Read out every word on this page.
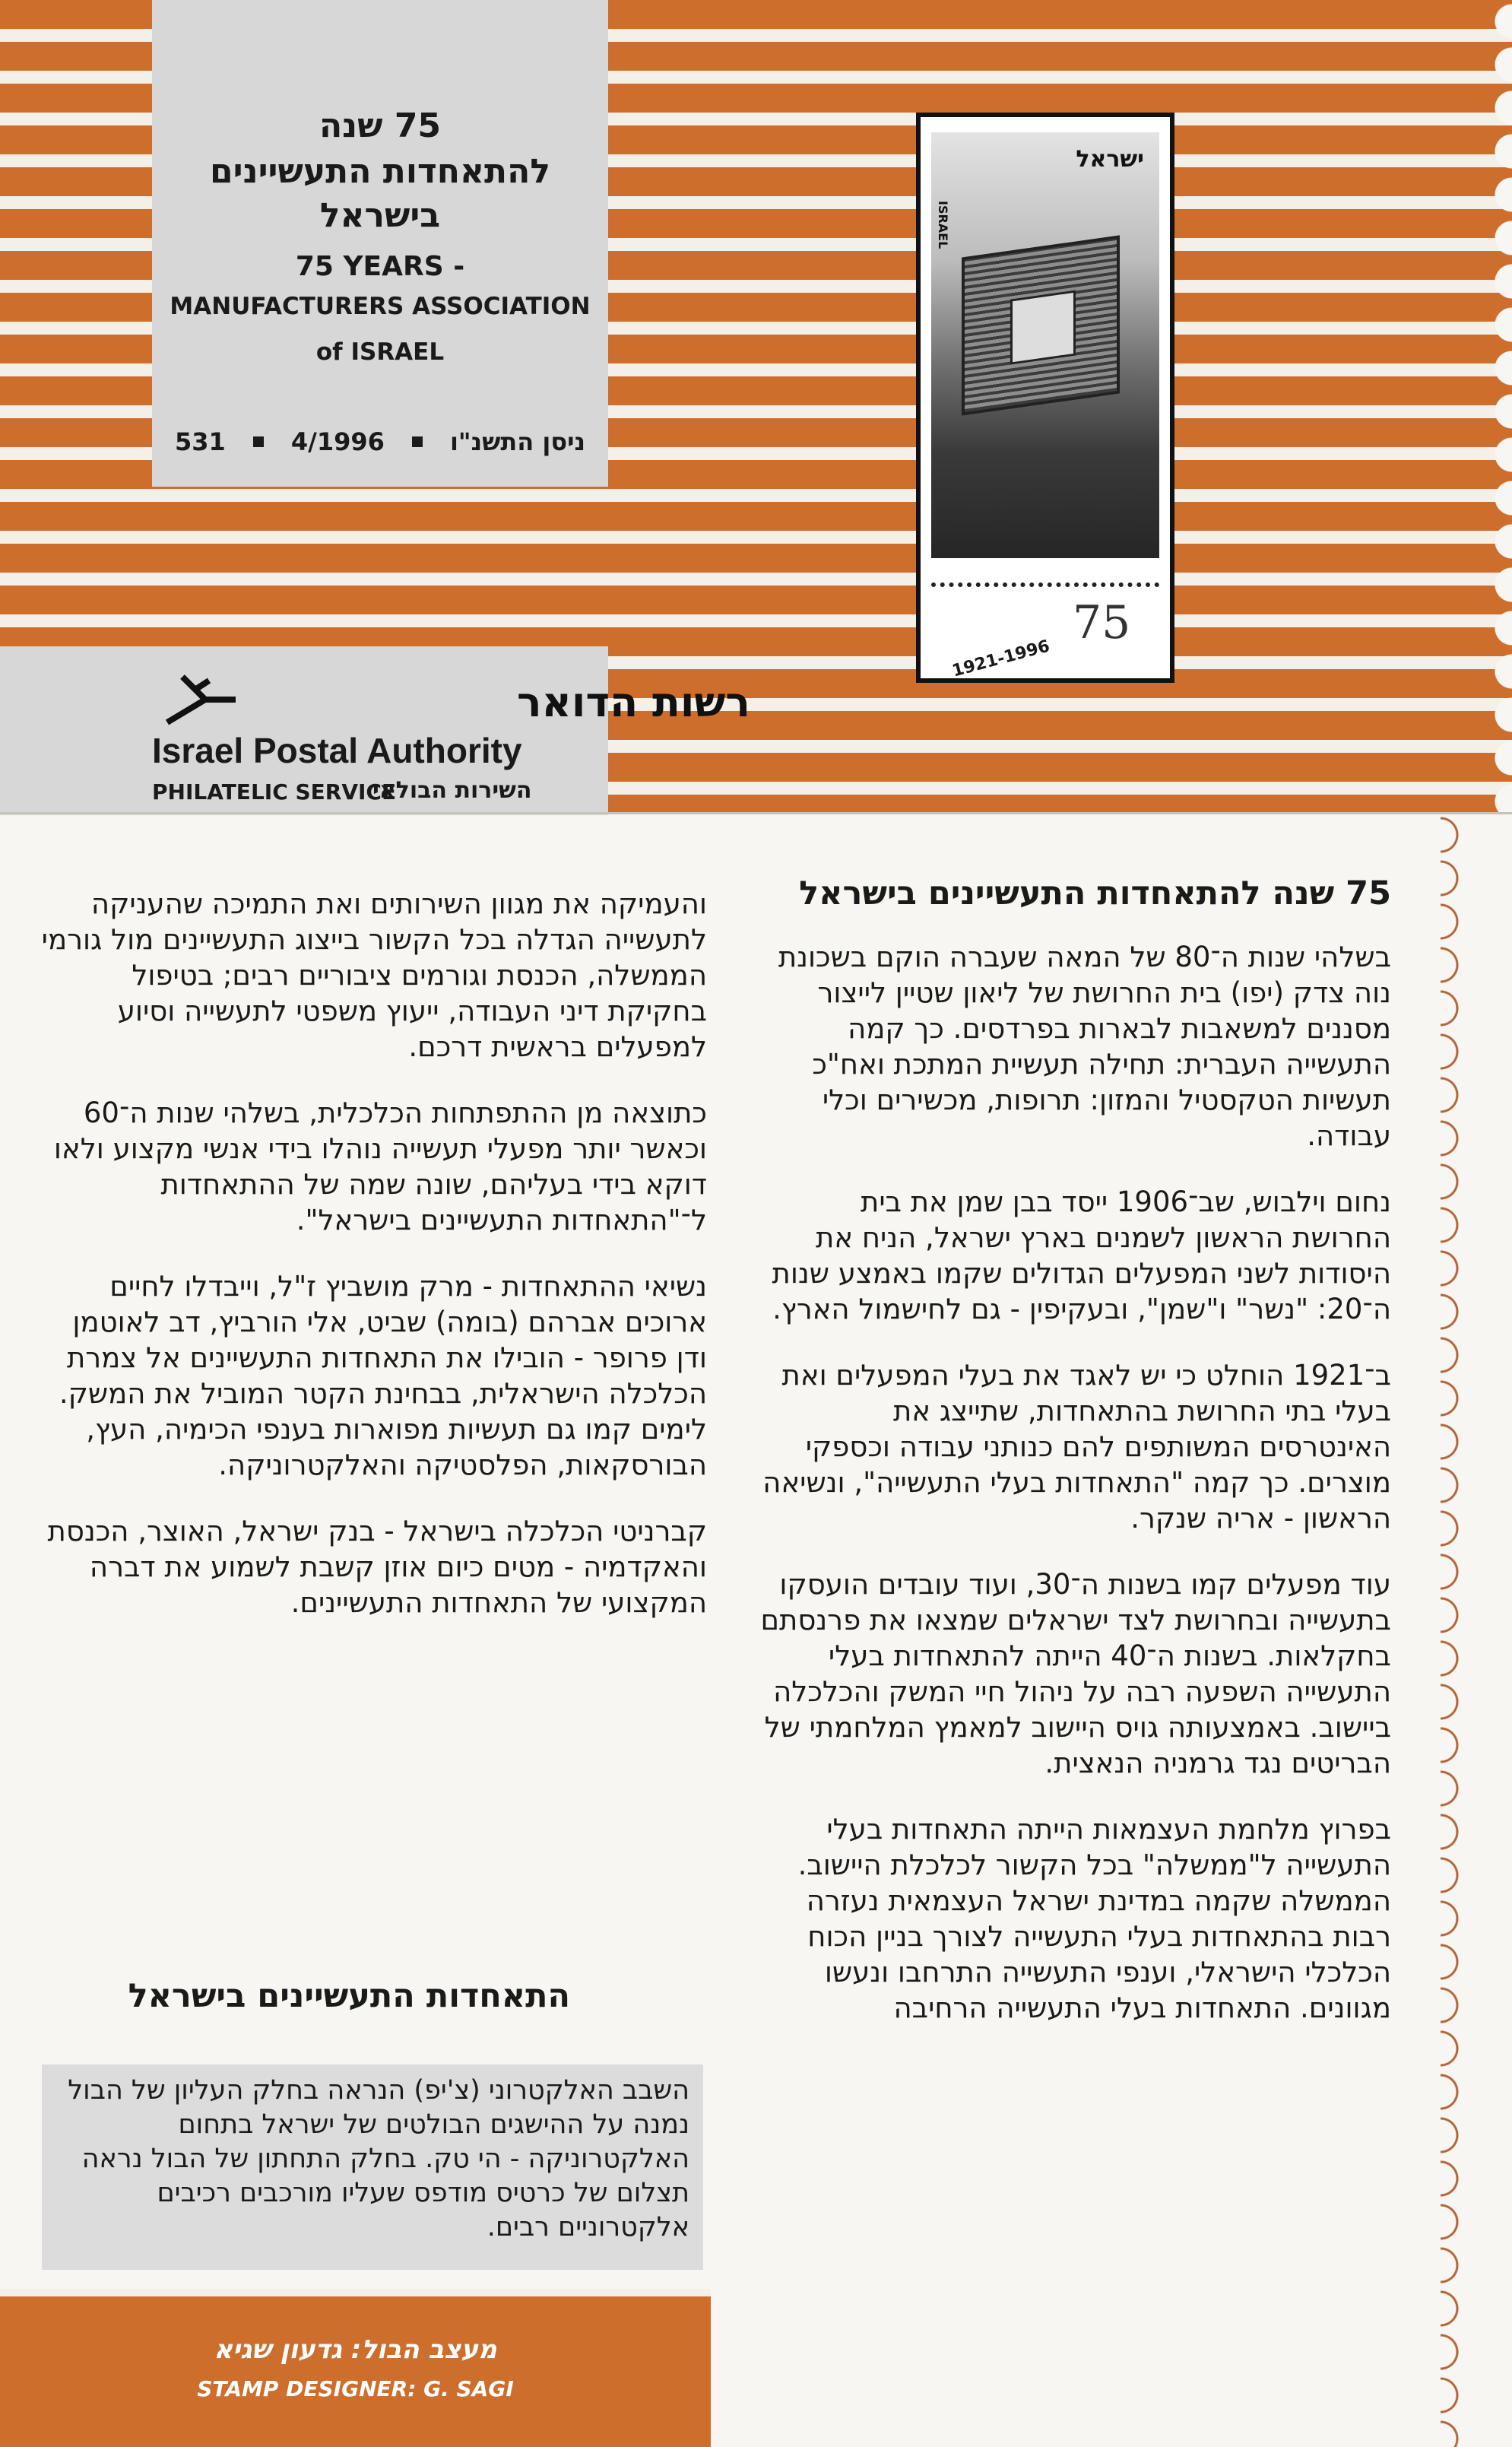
75 שנה
להתאחדות התעשיינים
בישראל
75 YEARS -
MANUFACTURERS ASSOCIATION
of ISRAEL
531	4/1996	ניסן התשנ"ו
ישראל
ISRAEL
1921-1996
75
רשות הדואר
Israel Postal Authority
PHILATELIC SERVICE
השירות הבולאי
75 שנה להתאחדות התעשיינים בישראל

בשלהי שנות ה־80 של המאה שעברה הוקם בשכונת נוה צדק (יפו) בית החרושת של ליאון שטיין לייצור מסננים למשאבות לבארות בפרדסים. כך קמה התעשייה העברית: תחילה תעשיית המתכת ואח"כ תעשיות הטקסטיל והמזון: תרופות, מכשירים וכלי עבודה.

נחום וילבוש, שב־1906 ייסד בבן שמן את בית החרושת הראשון לשמנים בארץ ישראל, הניח את היסודות לשני המפעלים הגדולים שקמו באמצע שנות ה־20: "נשר" ו"שמן", ובעקיפין - גם לחישמול הארץ.

ב־1921 הוחלט כי יש לאגד את בעלי המפעלים ואת בעלי בתי החרושת בהתאחדות, שתייצג את האינטרסים המשותפים להם כנותני עבודה וכספקי מוצרים. כך קמה "התאחדות בעלי התעשייה", ונשיאה הראשון - אריה שנקר.

עוד מפעלים קמו בשנות ה־30, ועוד עובדים הועסקו בתעשייה ובחרושת לצד ישראלים שמצאו את פרנסתם בחקלאות. בשנות ה־40 הייתה להתאחדות בעלי התעשייה השפעה רבה על ניהול חיי המשק והכלכלה ביישוב. באמצעותה גויס היישוב למאמץ המלחמתי של הבריטים נגד גרמניה הנאצית.

בפרוץ מלחמת העצמאות הייתה התאחדות בעלי התעשייה ל"ממשלה" בכל הקשור לכלכלת היישוב. הממשלה שקמה במדינת ישראל העצמאית נעזרה רבות בהתאחדות בעלי התעשייה לצורך בניין הכוח הכלכלי הישראלי, וענפי התעשייה התרחבו ונעשו מגוונים. התאחדות בעלי התעשייה הרחיבה

והעמיקה את מגוון השירותים ואת התמיכה שהעניקה לתעשייה הגדלה בכל הקשור בייצוג התעשיינים מול גורמי הממשלה, הכנסת וגורמים ציבוריים רבים; בטיפול בחקיקת דיני העבודה, ייעוץ משפטי לתעשייה וסיוע למפעלים בראשית דרכם.

כתוצאה מן ההתפתחות הכלכלית, בשלהי שנות ה־60 וכאשר יותר מפעלי תעשייה נוהלו בידי אנשי מקצוע ולאו דוקא בידי בעליהם, שונה שמה של ההתאחדות ל־"התאחדות התעשיינים בישראל".

נשיאי ההתאחדות - מרק מושביץ ז"ל, וייבדלו לחיים ארוכים אברהם (בומה) שביט, אלי הורביץ, דב לאוטמן ודן פרופר - הובילו את התאחדות התעשיינים אל צמרת הכלכלה הישראלית, בבחינת הקטר המוביל את המשק. לימים קמו גם תעשיות מפוארות בענפי הכימיה, העץ, הבורסקאות, הפלסטיקה והאלקטרוניקה.

קברניטי הכלכלה בישראל - בנק ישראל, האוצר, הכנסת והאקדמיה - מטים כיום אוזן קשבת לשמוע את דברה המקצועי של התאחדות התעשיינים.

התאחדות התעשיינים בישראל
השבב האלקטרוני (צ'יפ) הנראה בחלק העליון של הבול נמנה על ההישגים הבולטים של ישראל בתחום האלקטרוניקה - הי טק. בחלק התחתון של הבול נראה תצלום של כרטיס מודפס שעליו מורכבים רכיבים אלקטרוניים רבים.
מעצב הבול: גדעון שגיא
STAMP DESIGNER: G. SAGI
